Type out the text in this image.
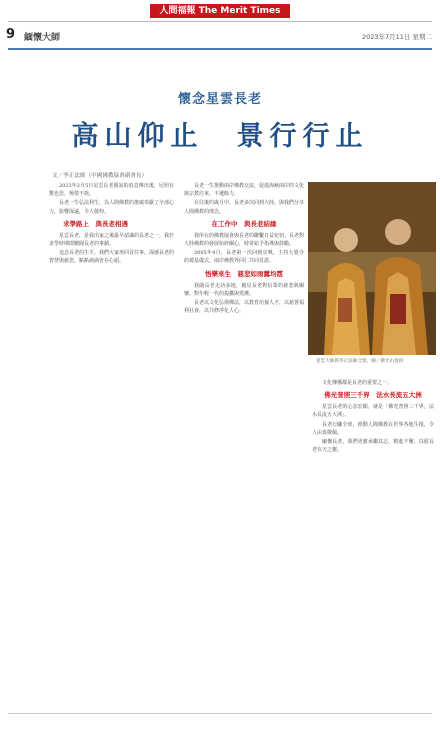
人間福報 The Merit Times
9 緬懷大師	2023年7月11日 星期二
懷念星雲長老
高山仰止　景行行止
文／李正法師（中國佛教協會副會長）

2023年2月5日星雲長老圓寂的消息傳出後，尼照有驚也悲，惋惜不捨。

長老一生弘法利生，為人間佛教的推廣奉獻了全部心力，影響深遠，令人敬仰。

求學路上　與長老相遇

星雲長老，是我出家之後最早認識的長老之一。我於求學時期即聽聞長老的事蹟。

追念長老的生平，我們大家再回首往事，深感長老的智慧與慈悲，點點滴滴皆在心頭。

長老一生推動兩岸佛教交流，促進海峽兩岸的文化與宗教往來，不遺餘力。

在往後的歲月中，長老多次回到大陸，與我們分享人間佛教的理念。

在工作中　與長老結緣

我所在的佛教協會與長老的聯繫日益密切。長老對大陸佛教的發展始終關心，時常給予指導與鼓勵。

2005年4月，長老第一次回到宜興，主持大覺寺的奠基儀式，兩岸佛教界同仁共同見證。

悟樂來生　慈悲如雨露均霑

我隨長老走訪多地，親見長老對信眾的慈悲與關懷，對年輕一代的提攜與愛護。

長老以文化弘揚佛法，以教育培養人才，以慈善福利社會，以共修淨化人心。

星雲大師與李正法師合影。圖／佛光山提供

文化傳播都是長老的重要之一。

佛光普照三千界　法水長流五大洲

星雲長老的心念宏願，就是「佛光普照三千界，法水長流五大洲」。

長老行腳全球，推動人間佛教在世界各地生根，令人由衷敬佩。

緬懷長老，我們更應承繼其志，精進不懈，以慰長老在天之靈。
